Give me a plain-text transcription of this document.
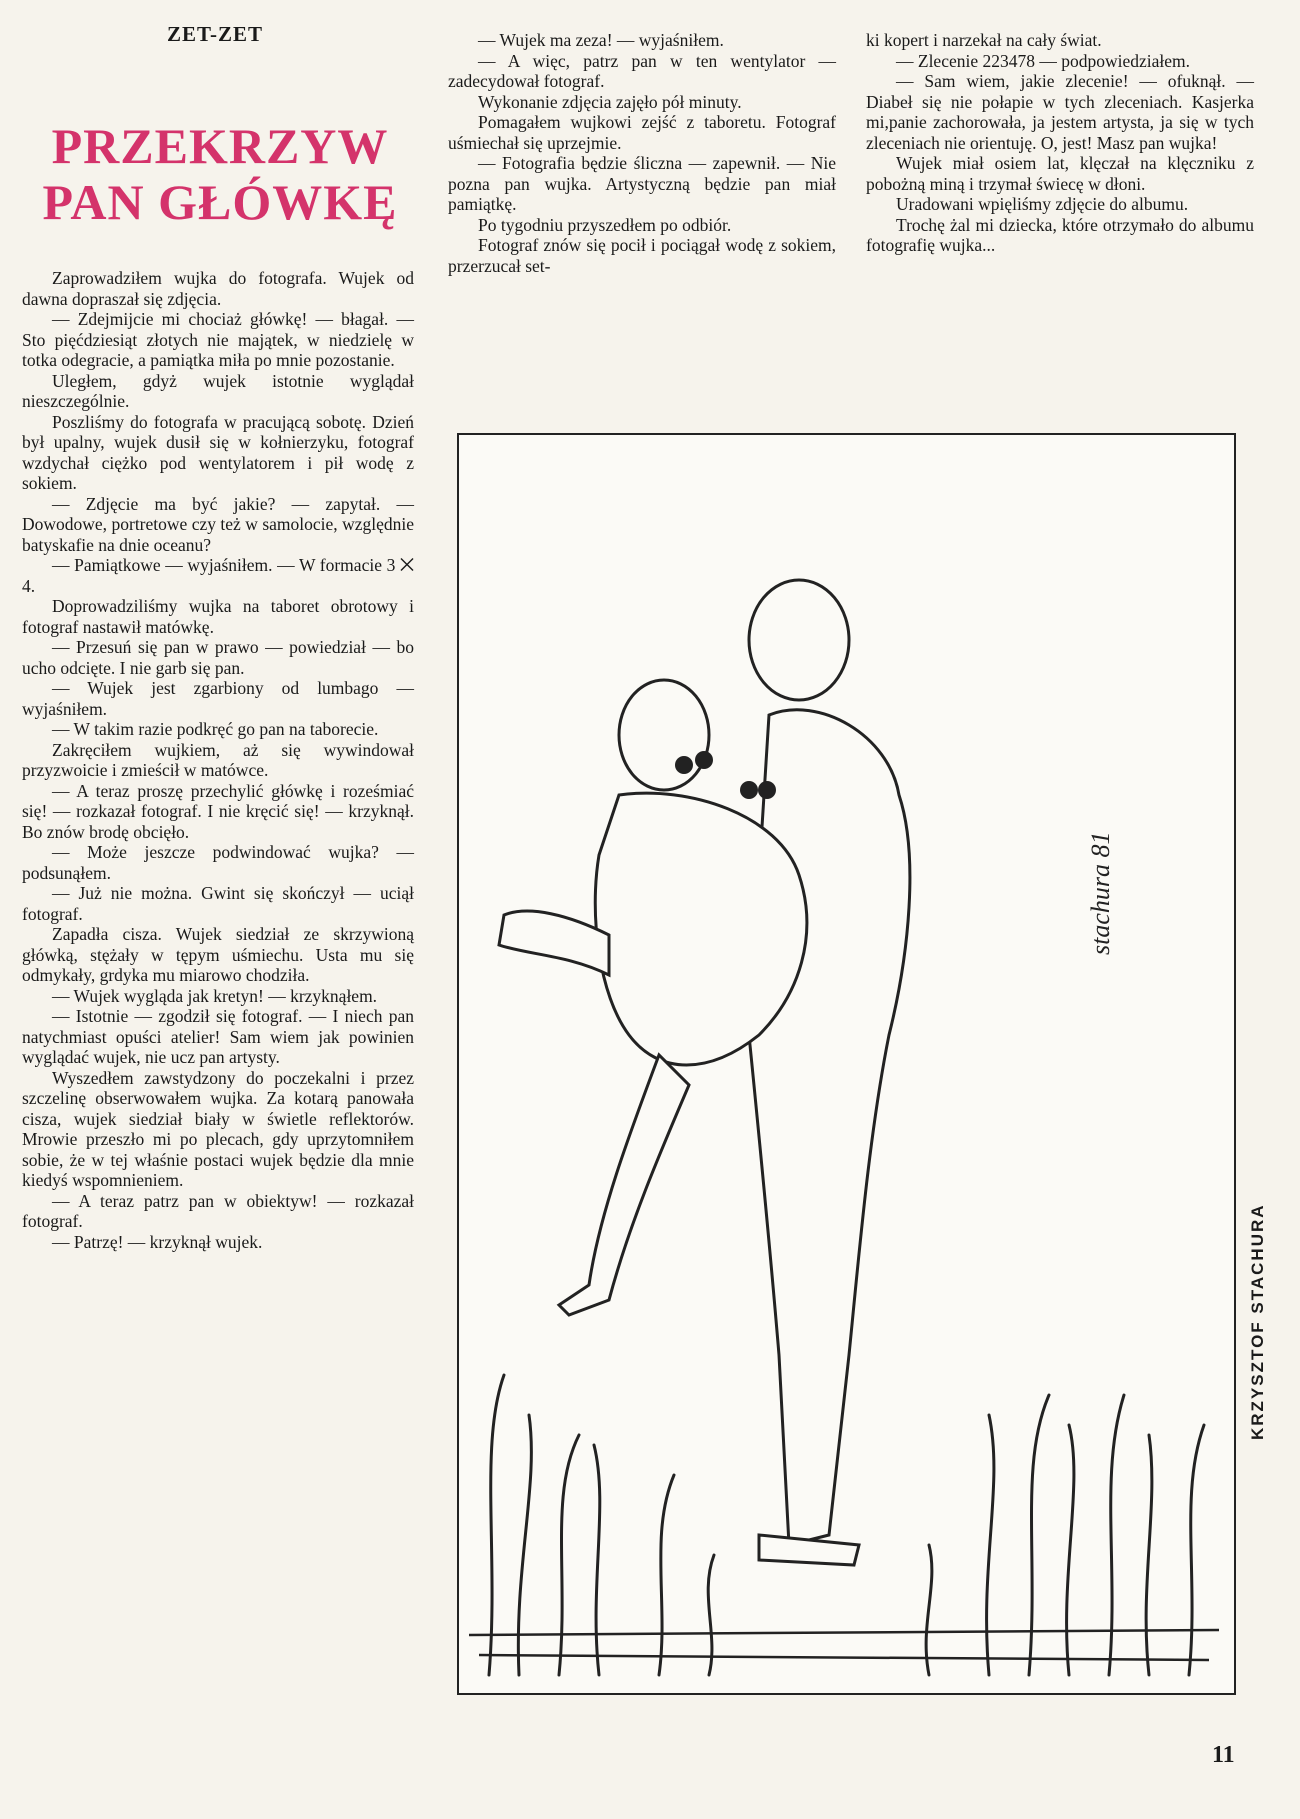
ZET-ZET
PRZEKRZYW
PAN GŁÓWKĘ

Zaprowadziłem wujka do fotografa. Wujek od dawna dopraszał się zdjęcia.

— Zdejmijcie mi chociaż główkę! — błagał. — Sto pięćdziesiąt złotych nie majątek, w niedzielę w totka odegracie, a pamiątka miła po mnie pozostanie.

Uległem, gdyż wujek istotnie wyglądał nieszczególnie.

Poszliśmy do fotografa w pracującą sobotę. Dzień był upalny, wujek dusił się w kołnierzyku, fotograf wzdychał ciężko pod wentylatorem i pił wodę z sokiem.

— Zdjęcie ma być jakie? — zapytał. — Dowodowe, portretowe czy też w samolocie, względnie batyskafie na dnie oceanu?

— Pamiątkowe — wyjaśniłem. — W formacie 3 ⨉ 4.

Doprowadziliśmy wujka na taboret obrotowy i fotograf nastawił matówkę.

— Przesuń się pan w prawo — powiedział — bo ucho odcięte. I nie garb się pan.

— Wujek jest zgarbiony od lumbago — wyjaśniłem.

— W takim razie podkręć go pan na taborecie.

Zakręciłem wujkiem, aż się wywindował przyzwoicie i zmieścił w matówce.

— A teraz proszę przechylić główkę i roześmiać się! — rozkazał fotograf. I nie kręcić się! — krzyknął. Bo znów brodę obcięło.

— Może jeszcze podwindować wujka? — podsunąłem.

— Już nie można. Gwint się skończył — uciął fotograf.

Zapadła cisza. Wujek siedział ze skrzywioną główką, stężały w tępym uśmiechu. Usta mu się odmykały, grdyka mu miarowo chodziła.

— Wujek wygląda jak kretyn! — krzyknąłem.

— Istotnie — zgodził się fotograf. — I niech pan natychmiast opuści atelier! Sam wiem jak powinien wyglądać wujek, nie ucz pan artysty.

Wyszedłem zawstydzony do poczekalni i przez szczelinę obserwowałem wujka. Za kotarą panowała cisza, wujek siedział biały w świetle reflektorów. Mrowie przeszło mi po plecach, gdy uprzytomniłem sobie, że w tej właśnie postaci wujek będzie dla mnie kiedyś wspomnieniem.

— A teraz patrz pan w obiektyw! — rozkazał fotograf.

— Patrzę! — krzyknął wujek.

— Wujek ma zeza! — wyjaśniłem.

— A więc, patrz pan w ten wentylator — zadecydował fotograf.

Wykonanie zdjęcia zajęło pół minuty.

Pomagałem wujkowi zejść z taboretu. Fotograf uśmiechał się uprzejmie.

— Fotografia będzie śliczna — zapewnił. — Nie pozna pan wujka. Artystyczną będzie pan miał pamiątkę.

Po tygodniu przyszedłem po odbiór.

Fotograf znów się pocił i pociągał wodę z sokiem, przerzucał set-

ki kopert i narzekał na cały świat.

— Zlecenie 223478 — podpowiedziałem.

— Sam wiem, jakie zlecenie! — ofuknął. — Diabeł się nie połapie w tych zleceniach. Kasjerka mi,panie zachorowała, ja jestem artysta, ja się w tych zleceniach nie orientuję. O, jest! Masz pan wujka!

Wujek miał osiem lat, klęczał na klęczniku z pobożną miną i trzymał świecę w dłoni.

Uradowani wpięliśmy zdjęcie do albumu.

Trochę żal mi dziecka, które otrzymało do albumu fotografię wujka...

stachura 81
KRZYSZTOF STACHURA
11
